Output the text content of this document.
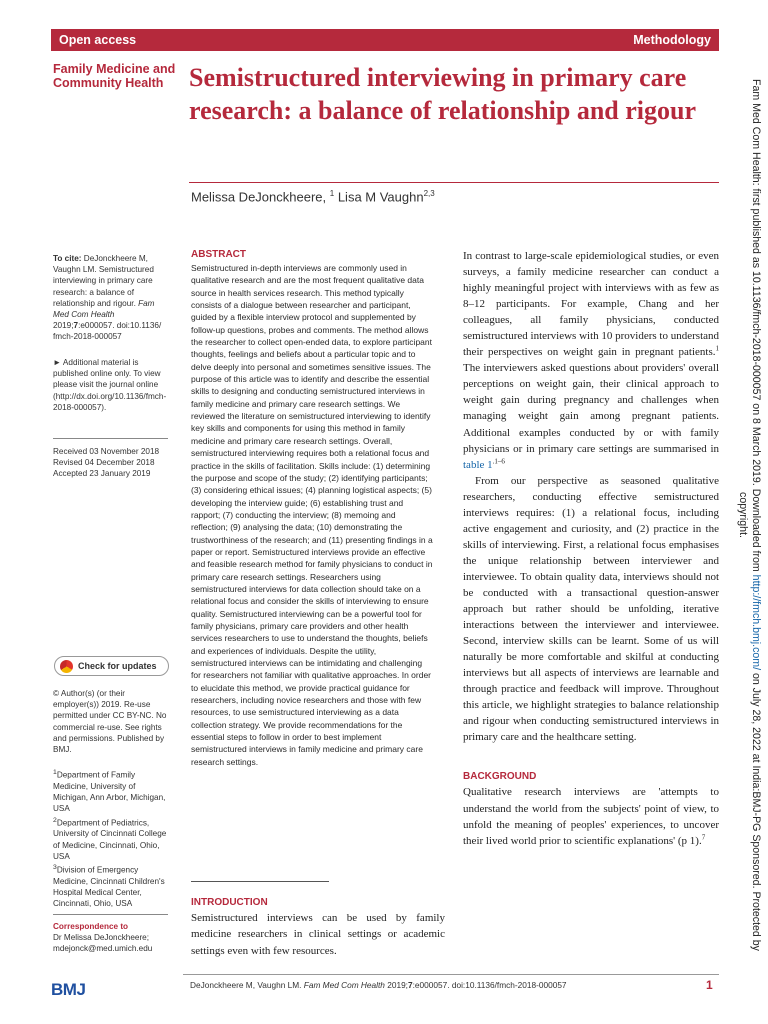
Open access	Methodology
Family Medicine and Community Health Semistructured interviewing in primary care research: a balance of relationship and rigour
Melissa DeJonckheere, $^1$ Lisa M Vaughn$^{2,3}$
To cite: DeJonckheere M, Vaughn LM. Semistructured interviewing in primary care research: a balance of relationship and rigour. Fam Med Com Health 2019;7:e000057. doi:10.1136/ fmch-2018-000057
► Additional material is published online only. To view please visit the journal online (http://dx.doi.org/10.1136/fmch-2018-000057).
Received 03 November 2018
Revised 04 December 2018
Accepted 23 January 2019
Check for updates
© Author(s) (or their employer(s)) 2019. Re-use permitted under CC BY-NC. No commercial re-use. See rights and permissions. Published by BMJ.
$^1$Department of Family Medicine, University of Michigan, Ann Arbor, Michigan, USA
$^2$Department of Pediatrics, University of Cincinnati College of Medicine, Cincinnati, Ohio, USA
$^3$Division of Emergency Medicine, Cincinnati Children's Hospital Medical Center, Cincinnati, Ohio, USA
Correspondence to
Dr Melissa DeJonckheere;
mdejonck@med.umich.edu
ABSTRACT
Semistructured in-depth interviews are commonly used in qualitative research and are the most frequent qualitative data source in health services research. This method typically consists of a dialogue between researcher and participant, guided by a flexible interview protocol and supplemented by follow-up questions, probes and comments. The method allows the researcher to collect open-ended data, to explore participant thoughts, feelings and beliefs about a particular topic and to delve deeply into personal and sometimes sensitive issues. The purpose of this article was to identify and describe the essential skills to designing and conducting semistructured interviews in family medicine and primary care research settings. We reviewed the literature on semistructured interviewing to identify key skills and components for using this method in family medicine and primary care research settings. Overall, semistructured interviewing requires both a relational focus and practice in the skills of facilitation. Skills include: (1) determining the purpose and scope of the study; (2) identifying participants; (3) considering ethical issues; (4) planning logistical aspects; (5) developing the interview guide; (6) establishing trust and rapport; (7) conducting the interview; (8) memoing and reflection; (9) analysing the data; (10) demonstrating the trustworthiness of the research; and (11) presenting findings in a paper or report. Semistructured interviews provide an effective and feasible research method for family physicians to conduct in primary care research settings. Researchers using semistructured interviews for data collection should take on a relational focus and consider the skills of interviewing to ensure quality. Semistructured interviewing can be a powerful tool for family physicians, primary care providers and other health services researchers to use to understand the thoughts, beliefs and experiences of individuals. Despite the utility, semistructured interviews can be intimidating and challenging for researchers not familiar with qualitative approaches. In order to elucidate this method, we provide practical guidance for researchers, including novice researchers and those with few resources, to use semistructured interviewing as a data collection strategy. We provide recommendations for the essential steps to follow in order to best implement semistructured interviews in family medicine and primary care research settings.
INTRODUCTION
Semistructured interviews can be used by family medicine researchers in clinical settings or academic settings even with few resources.

In contrast to large-scale epidemiological studies, or even surveys, a family medicine researcher can conduct a highly meaningful project with interviews with as few as 8–12 participants. For example, Chang and her colleagues, all family physicians, conducted semistructured interviews with 10 providers to understand their perspectives on weight gain in pregnant patients.$^1$ The interviewers asked questions about providers' overall perceptions on weight gain, their clinical approach to weight gain during pregnancy and challenges when managing weight gain among pregnant patients. Additional examples conducted by or with family physicians or in primary care settings are summarised in table $1^{.1-6}$

From our perspective as seasoned qualitative researchers, conducting effective semistructured interviews requires: (1) a relational focus, including active engagement and curiosity, and (2) practice in the skills of interviewing. First, a relational focus emphasises the unique relationship between interviewer and interviewee. To obtain quality data, interviews should not be conducted with a transactional question-answer approach but rather should be unfolding, iterative interactions between the interviewer and interviewee. Second, interview skills can be learnt. Some of us will naturally be more comfortable and skilful at conducting interviews but all aspects of interviews are learnable and through practice and feedback will improve. Throughout this article, we highlight strategies to balance relationship and rigour when conducting semistructured interviews in primary care and the healthcare setting.

BACKGROUND

Qualitative research interviews are 'attempts to understand the world from the subjects' point of view, to unfold the meaning of peoples' experiences, to uncover their lived world prior to scientific explanations' (p 1).$^7$

BMJ	DeJonckheere M, Vaughn LM. Fam Med Com Health 2019;7:e000057. doi:10.1136/fmch-2018-000057	1
Fam Med Com Health: first published as 10.1136/fmch-2018-000057 on 8 March 2019. Downloaded from http://fmch.bmj.com/ on July 28, 2022 at India:BMJ-PG Sponsored. Protected by
copyright.
